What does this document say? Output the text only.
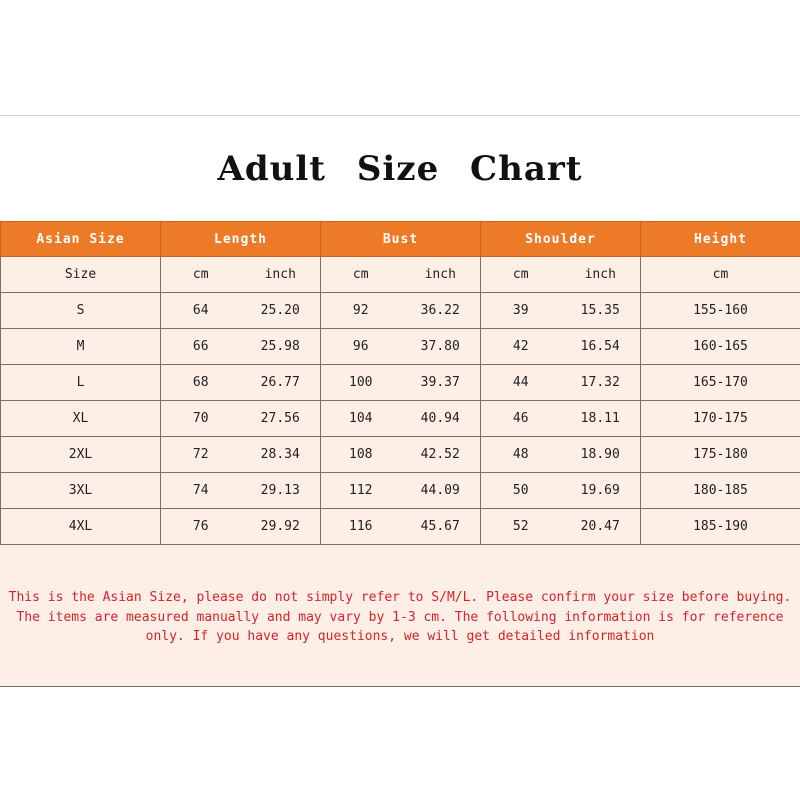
Adult Size Chart
Asian Size	Length	Bust	Shoulder	Height
Size	cm inch	cm inch	cm inch	cm
S	64 25.20	92 36.22	39 15.35	155-160
M	66 25.98	96 37.80	42 16.54	160-165
L	68 26.77	100 39.37	44 17.32	165-170
XL	70 27.56	104 40.94	46 18.11	170-175
2XL	72 28.34	108 42.52	48 18.90	175-180
3XL	74 29.13	112 44.09	50 19.69	180-185
4XL	76 29.92	116 45.67	52 20.47	185-190

This is the Asian Size, please do not simply refer to S/M/L. Please confirm your size before buying.

The items are measured manually and may vary by 1-3 cm. The following information is for reference

only. If you have any questions, we will get detailed information
